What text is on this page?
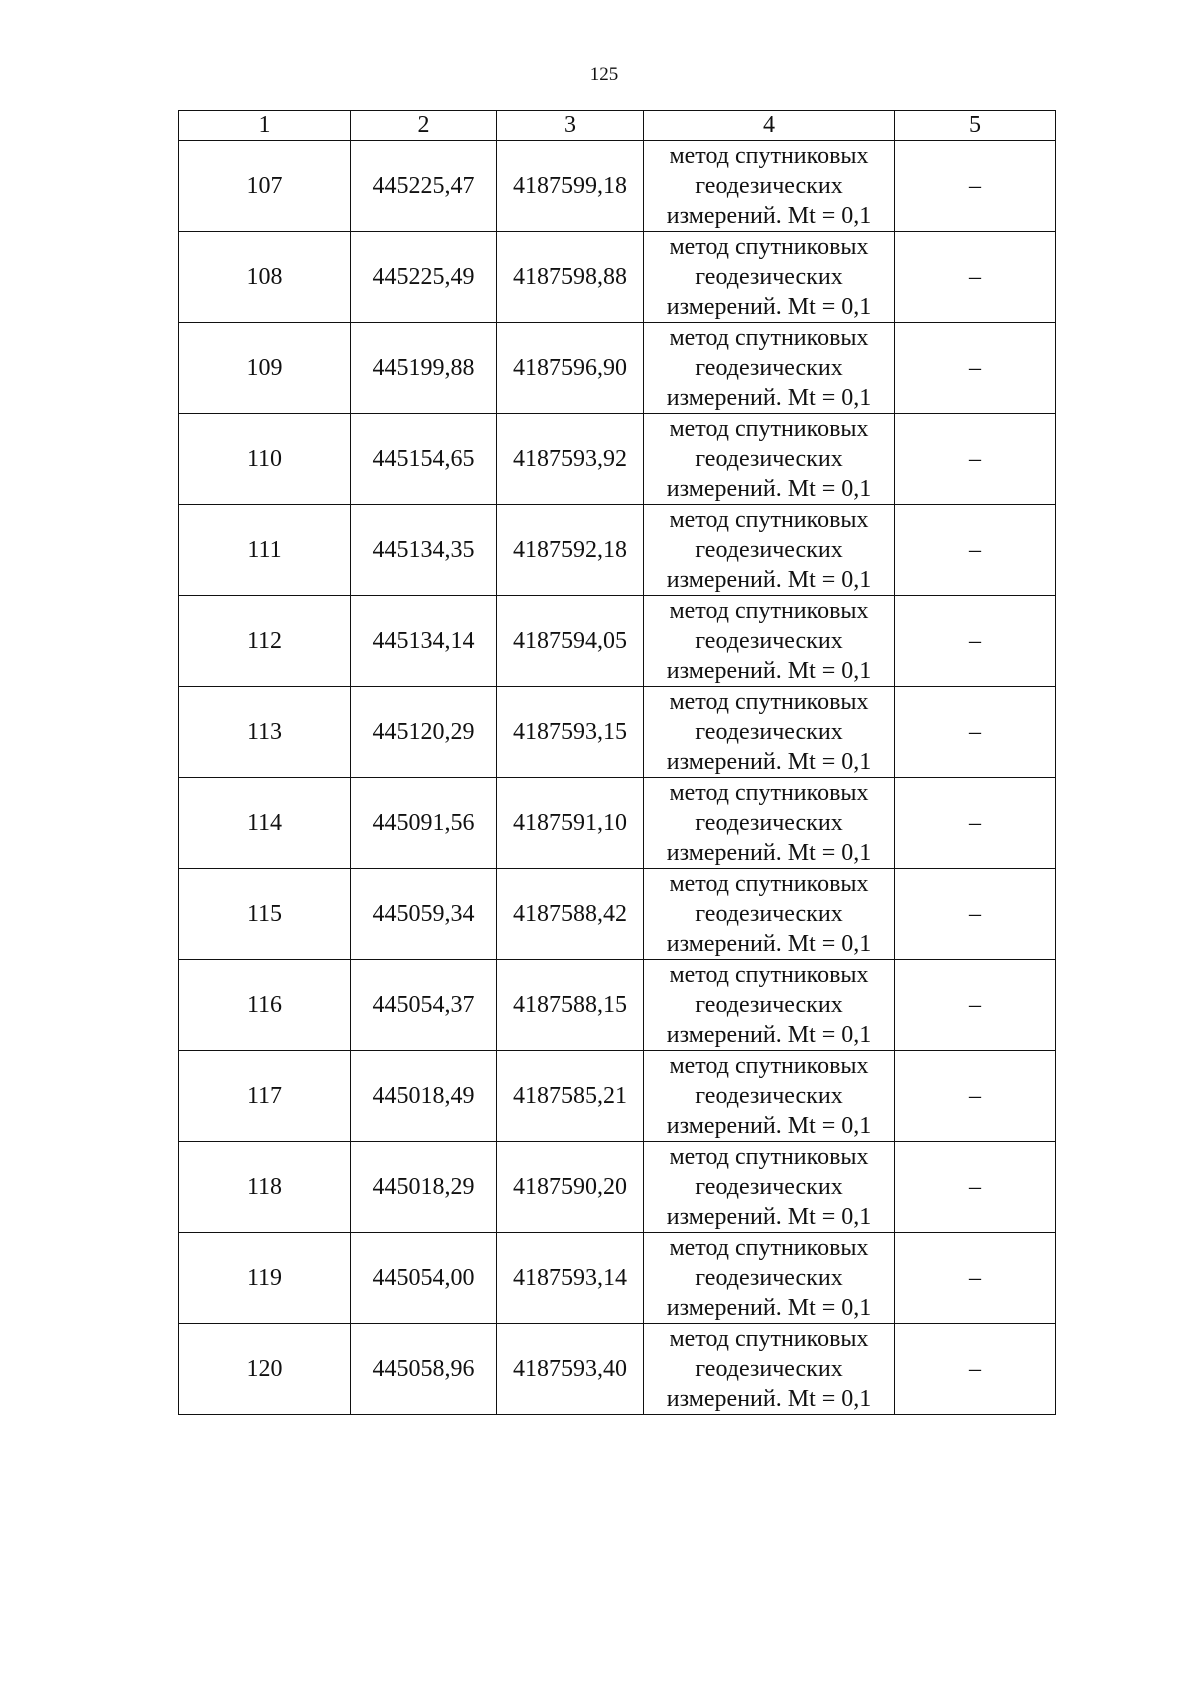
125
1	2	3	4	5
107	445225,47	4187599,18	метод спутниковых
геодезических
измерений. Mt = 0,1	–
108	445225,49	4187598,88	метод спутниковых
геодезических
измерений. Mt = 0,1	–
109	445199,88	4187596,90	метод спутниковых
геодезических
измерений. Mt = 0,1	–
110	445154,65	4187593,92	метод спутниковых
геодезических
измерений. Mt = 0,1	–
111	445134,35	4187592,18	метод спутниковых
геодезических
измерений. Mt = 0,1	–
112	445134,14	4187594,05	метод спутниковых
геодезических
измерений. Mt = 0,1	–
113	445120,29	4187593,15	метод спутниковых
геодезических
измерений. Mt = 0,1	–
114	445091,56	4187591,10	метод спутниковых
геодезических
измерений. Mt = 0,1	–
115	445059,34	4187588,42	метод спутниковых
геодезических
измерений. Mt = 0,1	–
116	445054,37	4187588,15	метод спутниковых
геодезических
измерений. Mt = 0,1	–
117	445018,49	4187585,21	метод спутниковых
геодезических
измерений. Mt = 0,1	–
118	445018,29	4187590,20	метод спутниковых
геодезических
измерений. Mt = 0,1	–
119	445054,00	4187593,14	метод спутниковых
геодезических
измерений. Mt = 0,1	–
120	445058,96	4187593,40	метод спутниковых
геодезических
измерений. Mt = 0,1	–
